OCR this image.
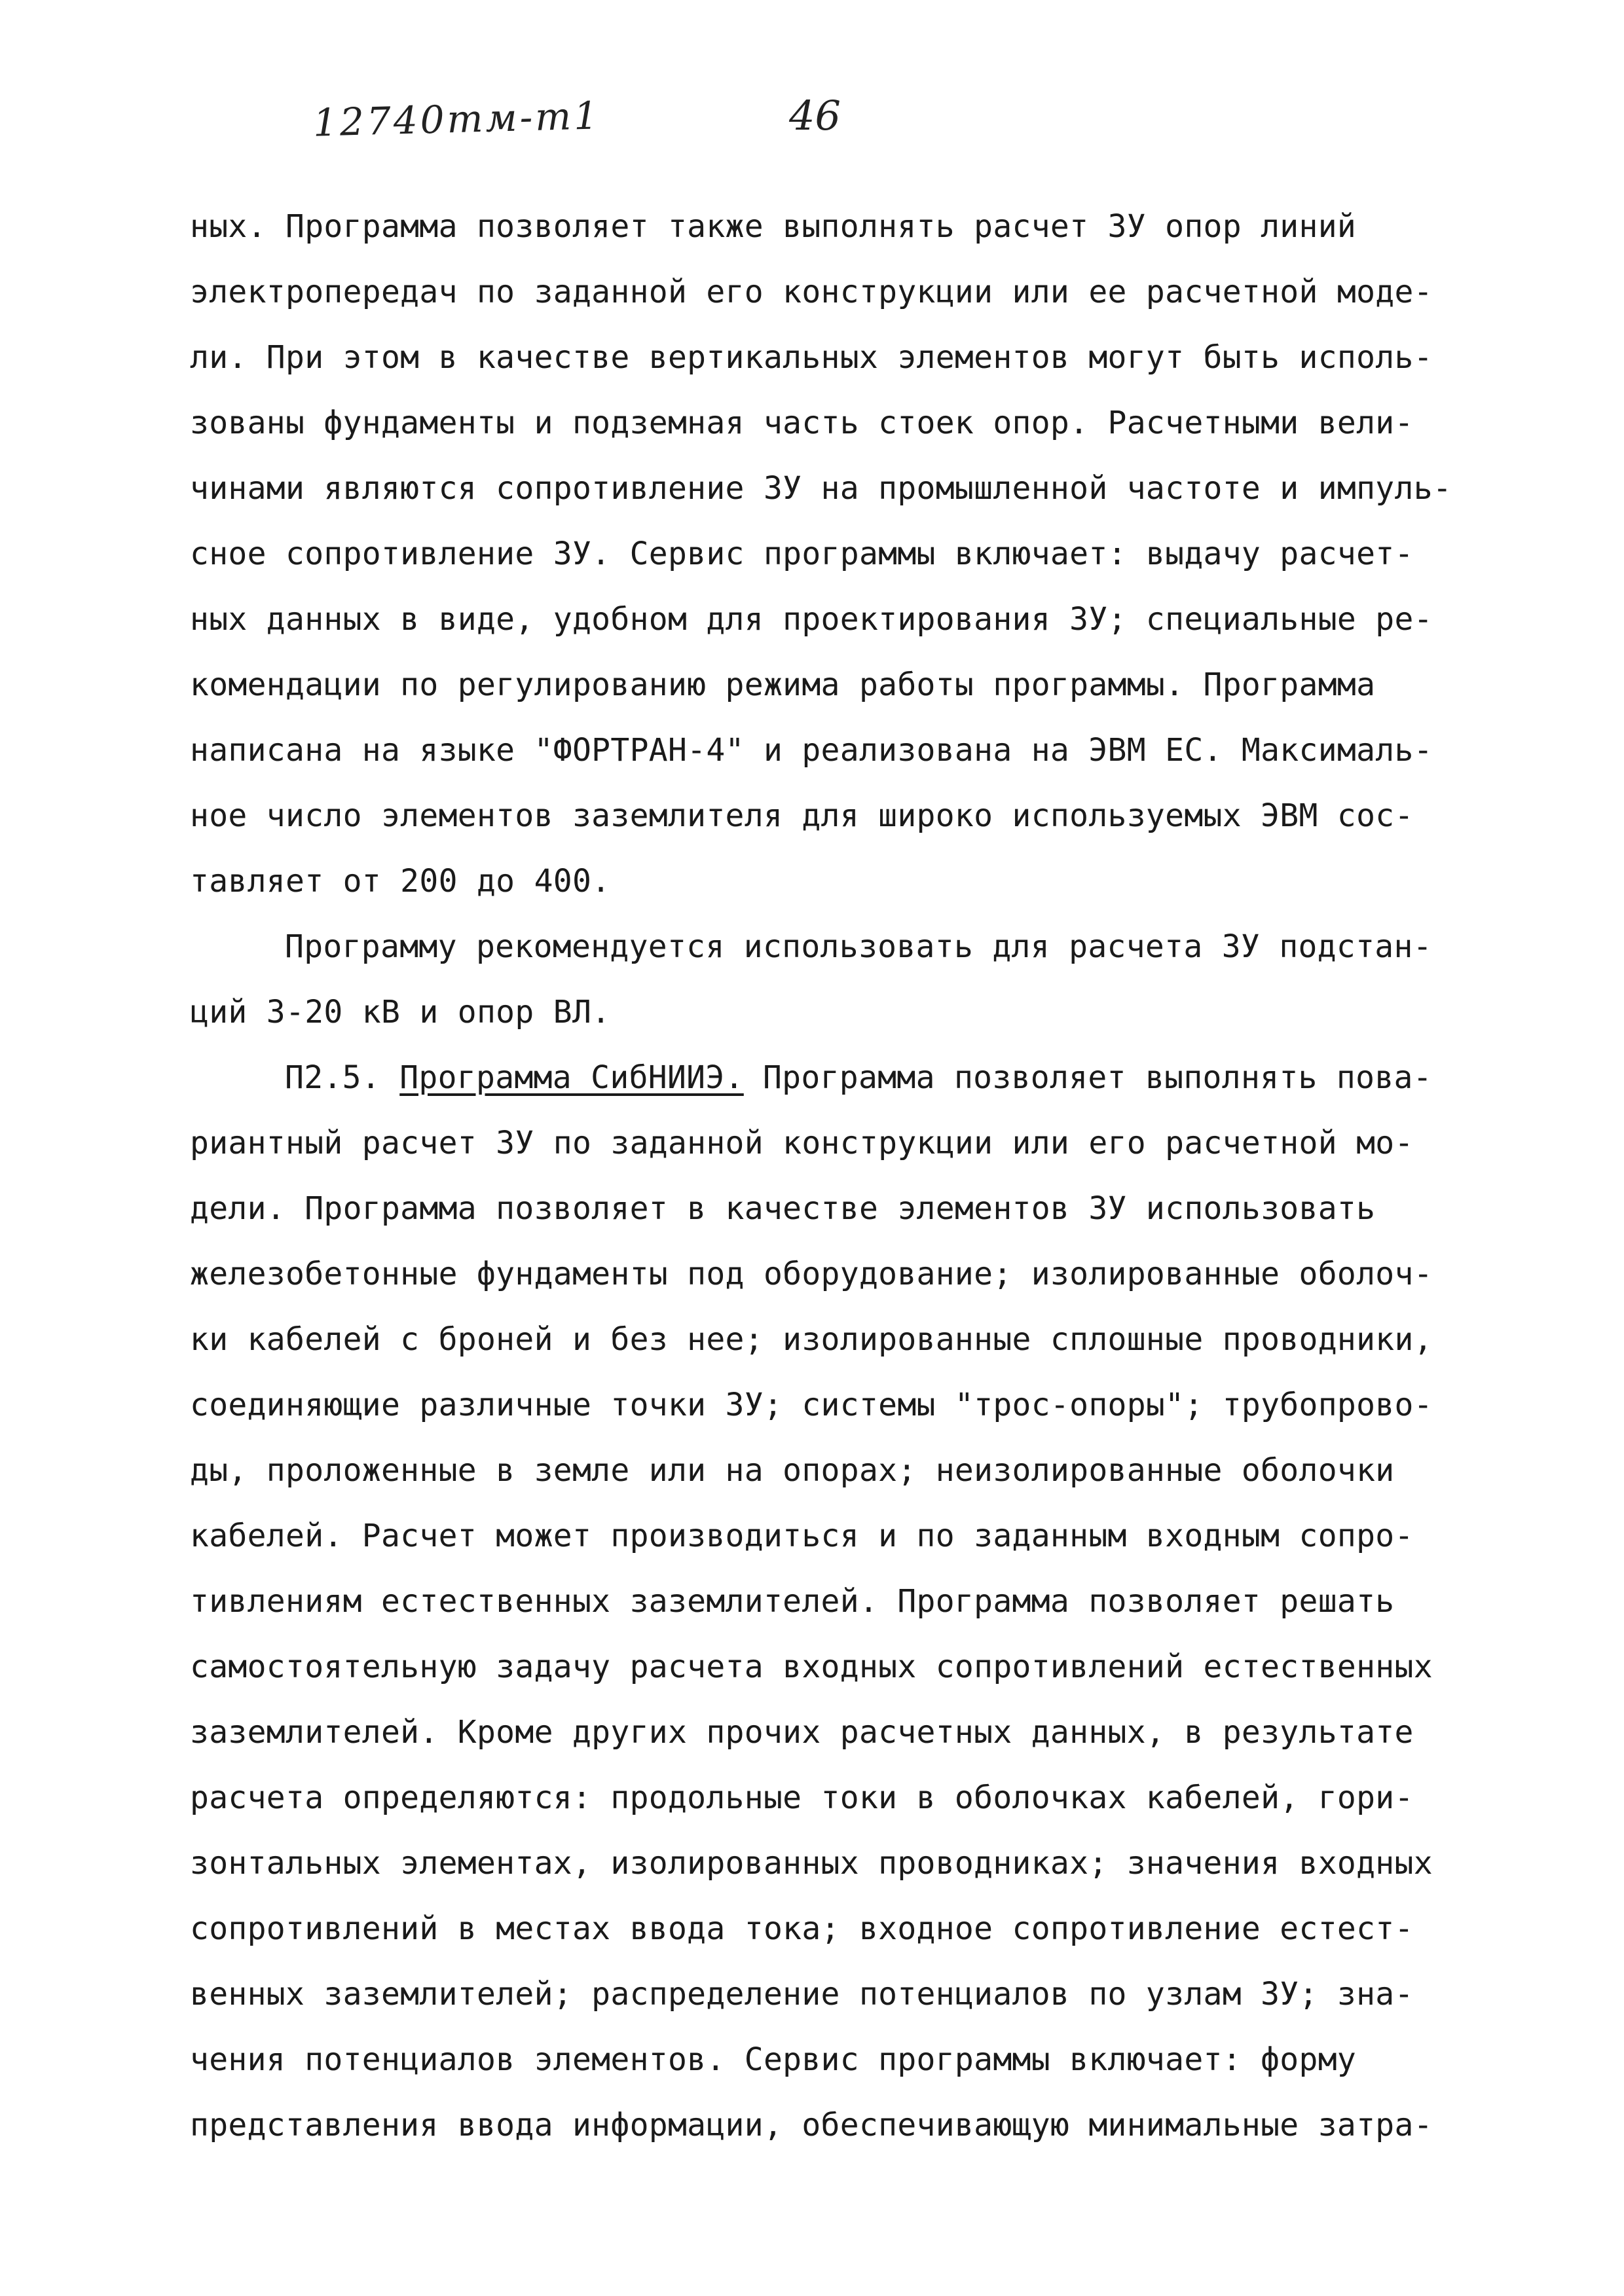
12740тм-т1	46
ных. Программа позволяет также выполнять расчет ЗУ опор линий
электропередач по заданной его конструкции или ее расчетной моде-
ли. При этом в качестве вертикальных элементов могут быть исполь-
зованы фундаменты и подземная часть стоек опор. Расчетными вели-
чинами являются сопротивление ЗУ на промышленной частоте и импуль-
сное сопротивление ЗУ. Сервис программы включает: выдачу расчет-
ных данных в виде, удобном для проектирования ЗУ; специальные ре-
комендации по регулированию режима работы программы. Программа
написана на языке "ФОРТРАН-4" и реализована на ЭВМ ЕС. Максималь-
ное число элементов заземлителя для широко используемых ЭВМ сос-
тавляет от 200 до 400.
Программу рекомендуется использовать для расчета ЗУ подстан-
ций 3-20 кВ и опор ВЛ.
П2.5. Программа СибНИИЭ. Программа позволяет выполнять пова-
риантный расчет ЗУ по заданной конструкции или его расчетной мо-
дели. Программа позволяет в качестве элементов ЗУ использовать
железобетонные фундаменты под оборудование; изолированные оболоч-
ки кабелей с броней и без нее; изолированные сплошные проводники,
соединяющие различные точки ЗУ; системы "трос-опоры"; трубопрово-
ды, проложенные в земле или на опорах; неизолированные оболочки
кабелей. Расчет может производиться и по заданным входным сопро-
тивлениям естественных заземлителей. Программа позволяет решать
самостоятельную задачу расчета входных сопротивлений естественных
заземлителей. Кроме других прочих расчетных данных, в результате
расчета определяются: продольные токи в оболочках кабелей, гори-
зонтальных элементах, изолированных проводниках; значения входных
сопротивлений в местах ввода тока; входное сопротивление естест-
венных заземлителей; распределение потенциалов по узлам ЗУ; зна-
чения потенциалов элементов. Сервис программы включает: форму
представления ввода информации, обеспечивающую минимальные затра-
